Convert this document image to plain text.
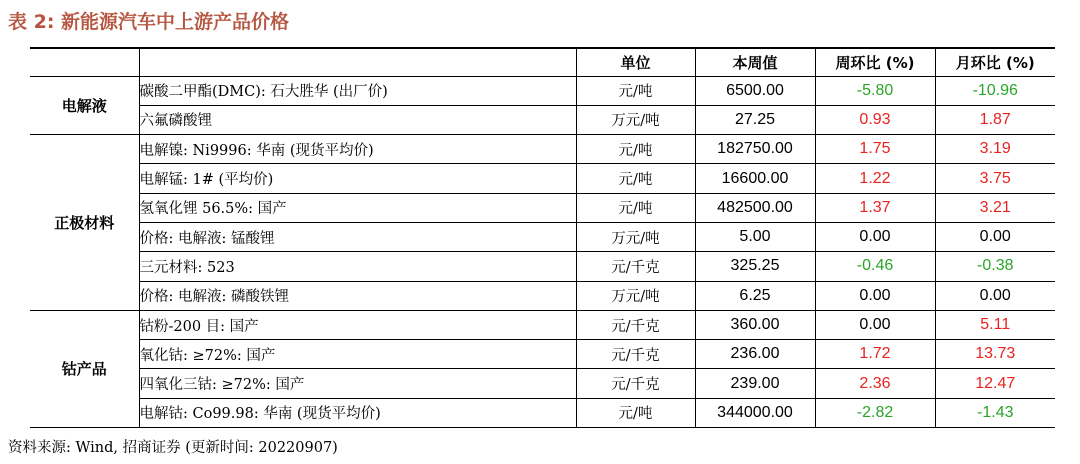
表 2: 新能源汽车中上游产品价格
		单位	本周值	周环比 (%)	月环比 (%)
电解液	碳酸二甲酯(DMC): 石大胜华 (出厂价)	元/吨	6500.00	-5.80	-10.96
	六氟磷酸锂	万元/吨	27.25	0.93	1.87
正极材料	电解镍: Ni9996: 华南 (现货平均价)	元/吨	182750.00	1.75	3.19
	电解锰: 1# (平均价)	元/吨	16600.00	1.22	3.75
	氢氧化锂 56.5%: 国产	元/吨	482500.00	1.37	3.21
	价格: 电解液: 锰酸锂	万元/吨	5.00	0.00	0.00
	三元材料: 523	元/千克	325.25	-0.46	-0.38
	价格: 电解液: 磷酸铁锂	万元/吨	6.25	0.00	0.00
钴产品	钴粉-200 目: 国产	元/千克	360.00	0.00	5.11
	氧化钴: ≥72%: 国产	元/千克	236.00	1.72	13.73
	四氧化三钴: ≥72%: 国产	元/千克	239.00	2.36	12.47
	电解钴: Co99.98: 华南 (现货平均价)	元/吨	344000.00	-2.82	-1.43
资料来源: Wind, 招商证券 (更新时间: 20220907)
